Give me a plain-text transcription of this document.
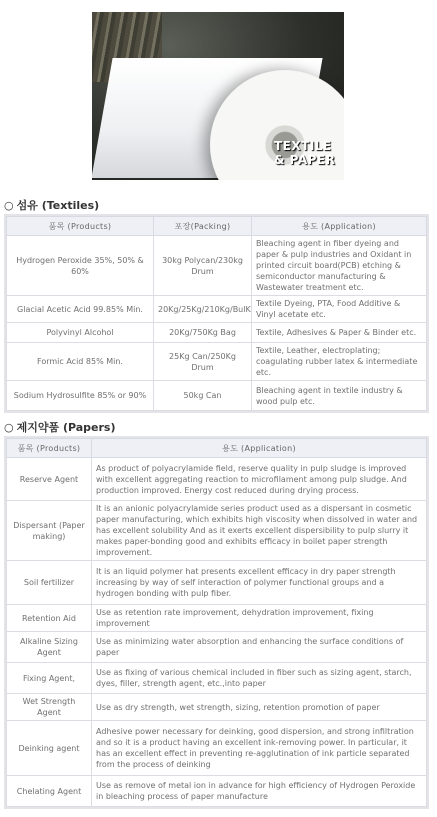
TEXTILE
& PAPER
○ 섬유 (Textiles)
품목 (Products)	포장(Packing)	용도 (Application)
Hydrogen Peroxide 35%, 50% & 60%	30kg Polycan/230kg Drum	Bleaching agent in fiber dyeing and paper & pulp industries and Oxidant in printed circuit board(PCB) etching & semiconductor manufacturing & Wastewater treatment etc.
Glacial Acetic Acid 99.85% Min.	20Kg/25Kg/210Kg/BulK	Textile Dyeing, PTA, Food Additive & Vinyl acetate etc.
Polyvinyl Alcohol	20Kg/750Kg Bag	Textile, Adhesives & Paper & Binder etc.
Formic Acid 85% Min.	25Kg Can/250Kg Drum	Textile, Leather, electroplating; coagulating rubber latex & intermediate etc.
Sodium Hydrosulfite 85% or 90%	50kg Can	Bleaching agent in textile industry & wood pulp etc.
○ 제지약품 (Papers)
품목 (Products)	용도 (Application)
Reserve Agent	As product of polyacrylamide field, reserve quality in pulp sludge is improved with excellent aggregating reaction to microfilament among pulp sludge. And production improved. Energy cost reduced during drying process.
Dispersant (Paper making)	It is an anionic polyacrylamide series product used as a dispersant in cosmetic paper manufacturing, which exhibits high viscosity when dissolved in water and has excellent solubility And as it exerts excellent dispersibility to pulp slurry it makes paper-bonding good and exhibits efficacy in boilet paper strength improvement.
Soil fertilizer	It is an liquid polymer hat presents excellent efficacy in dry paper strength increasing by way of self interaction of polymer functional groups and a hydrogen bonding with pulp fiber.
Retention Aid	Use as retention rate improvement, dehydration improvement, fixing improvement
Alkaline Sizing Agent	Use as minimizing water absorption and enhancing the surface conditions of paper
Fixing Agent,	Use as fixing of various chemical included in fiber such as sizing agent, starch, dyes, filler, strength agent, etc.,into paper
Wet Strength Agent	Use as dry strength, wet strength, sizing, retention promotion of paper
Deinking agent	Adhesive power necessary for deinking, good dispersion, and strong infiltration and so it is a product having an excellent ink-removing power. In particular, it has an excellent effect in preventing re-agglutination of ink particle separated from the process of deinking
Chelating Agent	Use as remove of metal ion in advance for high efficiency of Hydrogen Peroxide in bleaching process of paper manufacture
